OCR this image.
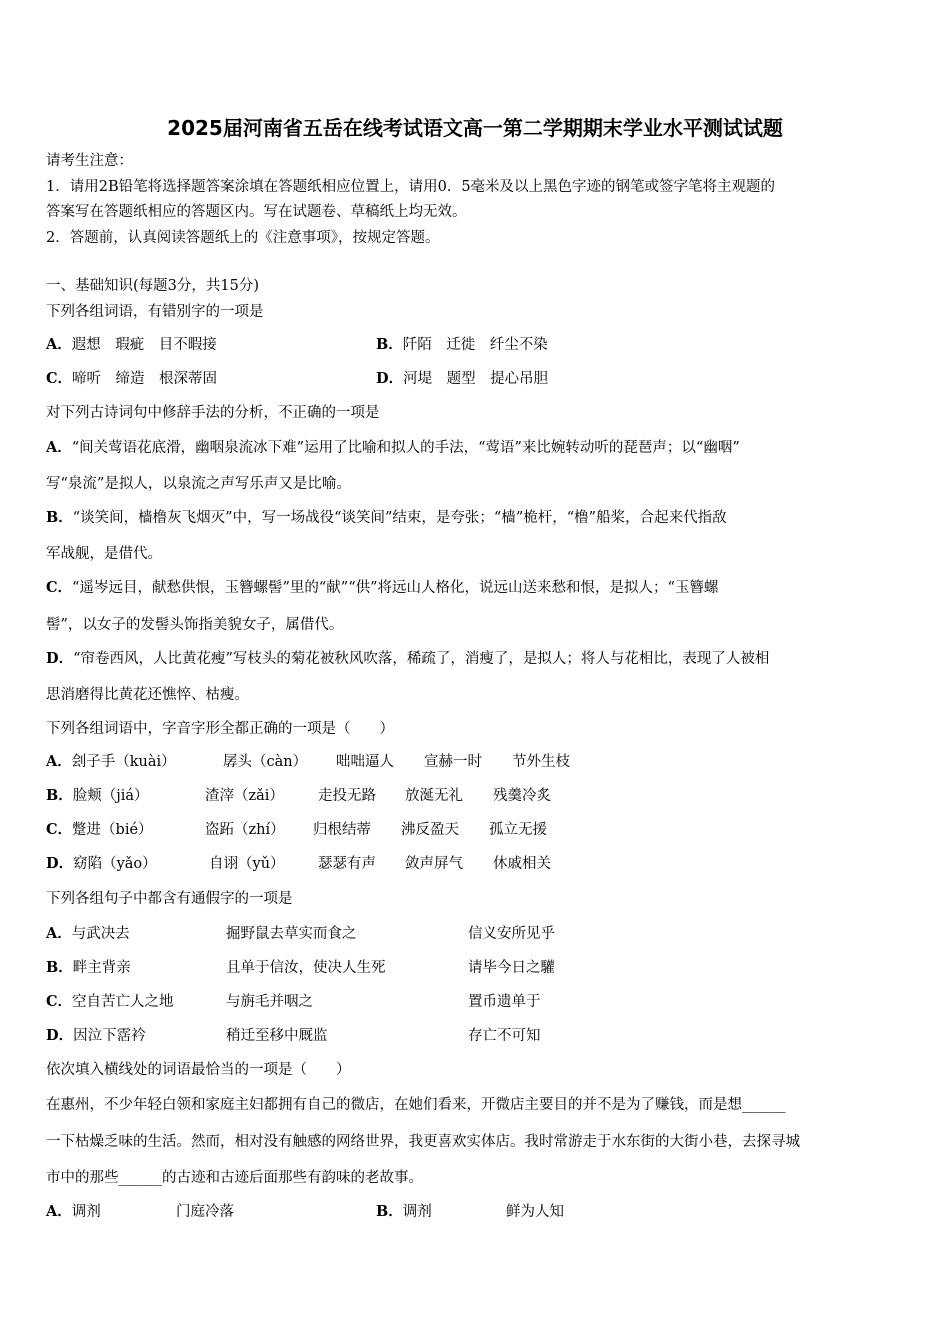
2025届河南省五岳在线考试语文高一第二学期期末学业水平测试试题
请考生注意：
1．请用2B铅笔将选择题答案涂填在答题纸相应位置上，请用0．5毫米及以上黑色字迹的钢笔或签字笔将主观题的
答案写在答题纸相应的答题区内。写在试题卷、草稿纸上均无效。
2．答题前，认真阅读答题纸上的《注意事项》，按规定答题。
一、基础知识(每题3分，共15分)
下列各组词语，有错别字的一项是
A．遐想　瑕疵　目不暇接	B．阡陌　迁徙　纤尘不染
C．啼听　缔造　根深蒂固	D．河堤　题型　提心吊胆
对下列古诗词句中修辞手法的分析，不正确的一项是
A．“间关莺语花底滑，幽咽泉流冰下难”运用了比喻和拟人的手法，“莺语”来比婉转动听的琵琶声；以“幽咽”
写“泉流”是拟人，以泉流之声写乐声又是比喻。
B．“谈笑间，樯橹灰飞烟灭”中，写一场战役“谈笑间”结束，是夸张；“樯”桅杆，“橹”船桨，合起来代指敌
军战舰，是借代。
C．“遥岑远目，献愁供恨，玉簪螺髻”里的“献”“供”将远山人格化，说远山送来愁和恨，是拟人；“玉簪螺
髻”，以女子的发髻头饰指美貌女子，属借代。
D．“帘卷西风，人比黄花瘦”写枝头的菊花被秋风吹落，稀疏了，消瘦了，是拟人；将人与花相比，表现了人被相
思消磨得比黄花还憔悴、枯瘦。
下列各组词语中，字音字形全都正确的一项是（　　）
A．刽子手（kuài）	孱头（càn） 咄咄逼人 宣赫一时 节外生枝
B．脸颊（jiá）	渣滓（zǎi） 走投无路 放涎无礼 残羹冷炙
C．蹩进（bié）	盗跖（zhí） 归根结蒂 沸反盈天 孤立无援
D．窈陷（yǎo）	自诩（yǔ） 瑟瑟有声 敛声屏气 休戚相关
下列各组句子中都含有通假字的一项是
A．与武决去	掘野鼠去草实而食之	信义安所见乎
B．畔主背亲	且单于信汝，使决人生死	请毕今日之驩
C．空自苦亡人之地	与旃毛并咽之	置币遗单于
D．因泣下霑衿	稍迁至移中厩监	存亡不可知
依次填入横线处的词语最恰当的一项是（　　）
在惠州，不少年轻白领和家庭主妇都拥有自己的微店，在她们看来，开微店主要目的并不是为了赚钱，而是想______
一下枯燥乏味的生活。然而，相对没有触感的网络世界，我更喜欢实体店。我时常游走于水东街的大街小巷，去探寻城
市中的那些______的古迹和古迹后面那些有韵味的老故事。
A．调剂	门庭冷落	B．调剂	鲜为人知
